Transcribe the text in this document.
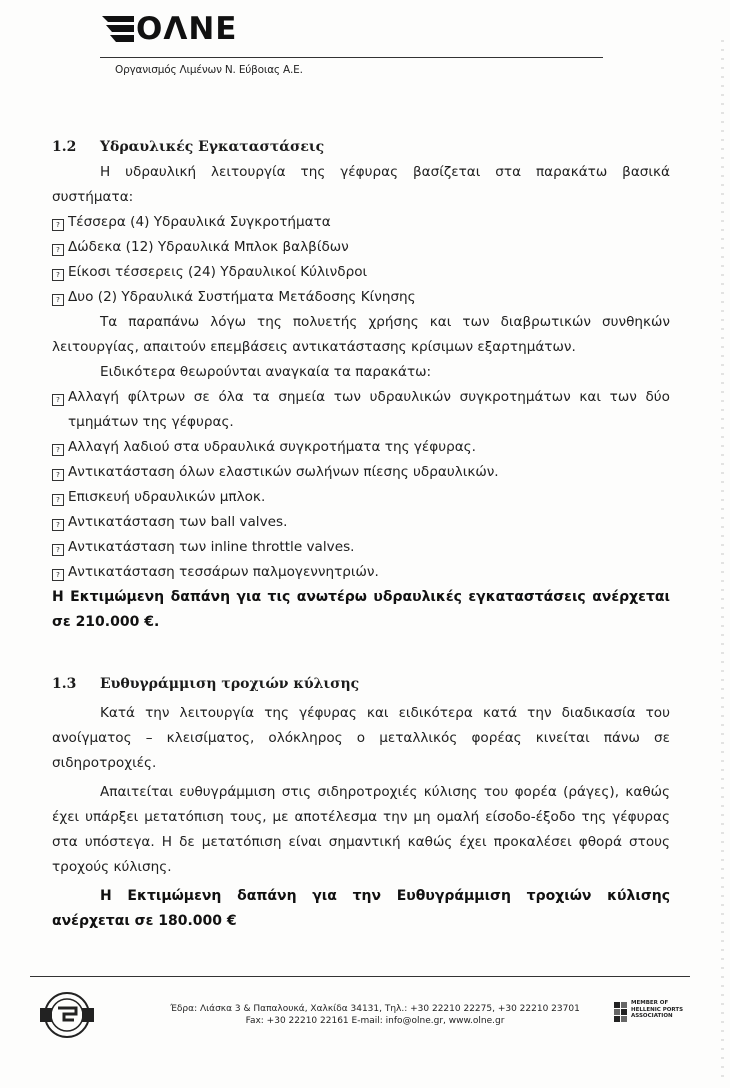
ΟΛΝΕ
Οργανισμός Λιμένων Ν. Εύβοιας Α.Ε.
1.2	Υδραυλικές Εγκαταστάσεις

Η υδραυλική λειτουργία της γέφυρας βασίζεται στα παρακάτω βασικά συστήματα:

? Τέσσερα (4) Υδραυλικά Συγκροτήματα

? Δώδεκα (12) Υδραυλικά Μπλοκ βαλβίδων

? Είκοσι τέσσερεις (24) Υδραυλικοί Κύλινδροι

? Δυο (2) Υδραυλικά Συστήματα Μετάδοσης Κίνησης

Τα παραπάνω λόγω της πολυετής χρήσης και των διαβρωτικών συνθηκών λειτουργίας, απαιτούν επεμβάσεις αντικατάστασης κρίσιμων εξαρτημάτων.

Ειδικότερα θεωρούνται αναγκαία τα παρακάτω:

? Αλλαγή φίλτρων σε όλα τα σημεία των υδραυλικών συγκροτημάτων και των δύο τμημάτων της γέφυρας.

? Αλλαγή λαδιού στα υδραυλικά συγκροτήματα της γέφυρας.

? Αντικατάσταση όλων ελαστικών σωλήνων πίεσης υδραυλικών.

? Επισκευή υδραυλικών μπλοκ.

? Αντικατάσταση των ball valves.

? Αντικατάσταση των inline throttle valves.

? Αντικατάσταση τεσσάρων παλμογεννητριών.

Η Εκτιμώμενη δαπάνη για τις ανωτέρω υδραυλικές εγκαταστάσεις ανέρχεται σε 210.000 €.

1.3	Ευθυγράμμιση τροχιών κύλισης

Κατά την λειτουργία της γέφυρας και ειδικότερα κατά την διαδικασία του ανοίγματος – κλεισίματος, ολόκληρος ο μεταλλικός φορέας κινείται πάνω σε σιδηροτροχιές.

Απαιτείται ευθυγράμμιση στις σιδηροτροχιές κύλισης του φορέα (ράγες), καθώς έχει υπάρξει μετατόπιση τους, με αποτέλεσμα την μη ομαλή είσοδο-έξοδο της γέφυρας στα υπόστεγα. Η δε μετατόπιση είναι σημαντική καθώς έχει προκαλέσει φθορά στους τροχούς κύλισης.

Η Εκτιμώμενη δαπάνη για την Ευθυγράμμιση τροχιών κύλισης ανέρχεται σε 180.000 €

Έδρα: Λιάσκα 3 & Παπαλουκά, Χαλκίδα 34131, Τηλ.: +30 22210 22275, +30 22210 23701
Fax: +30 22210 22161 E-mail: info@olne.gr, www.olne.gr
MEMBER OF HELLENIC PORTS ASSOCIATION
